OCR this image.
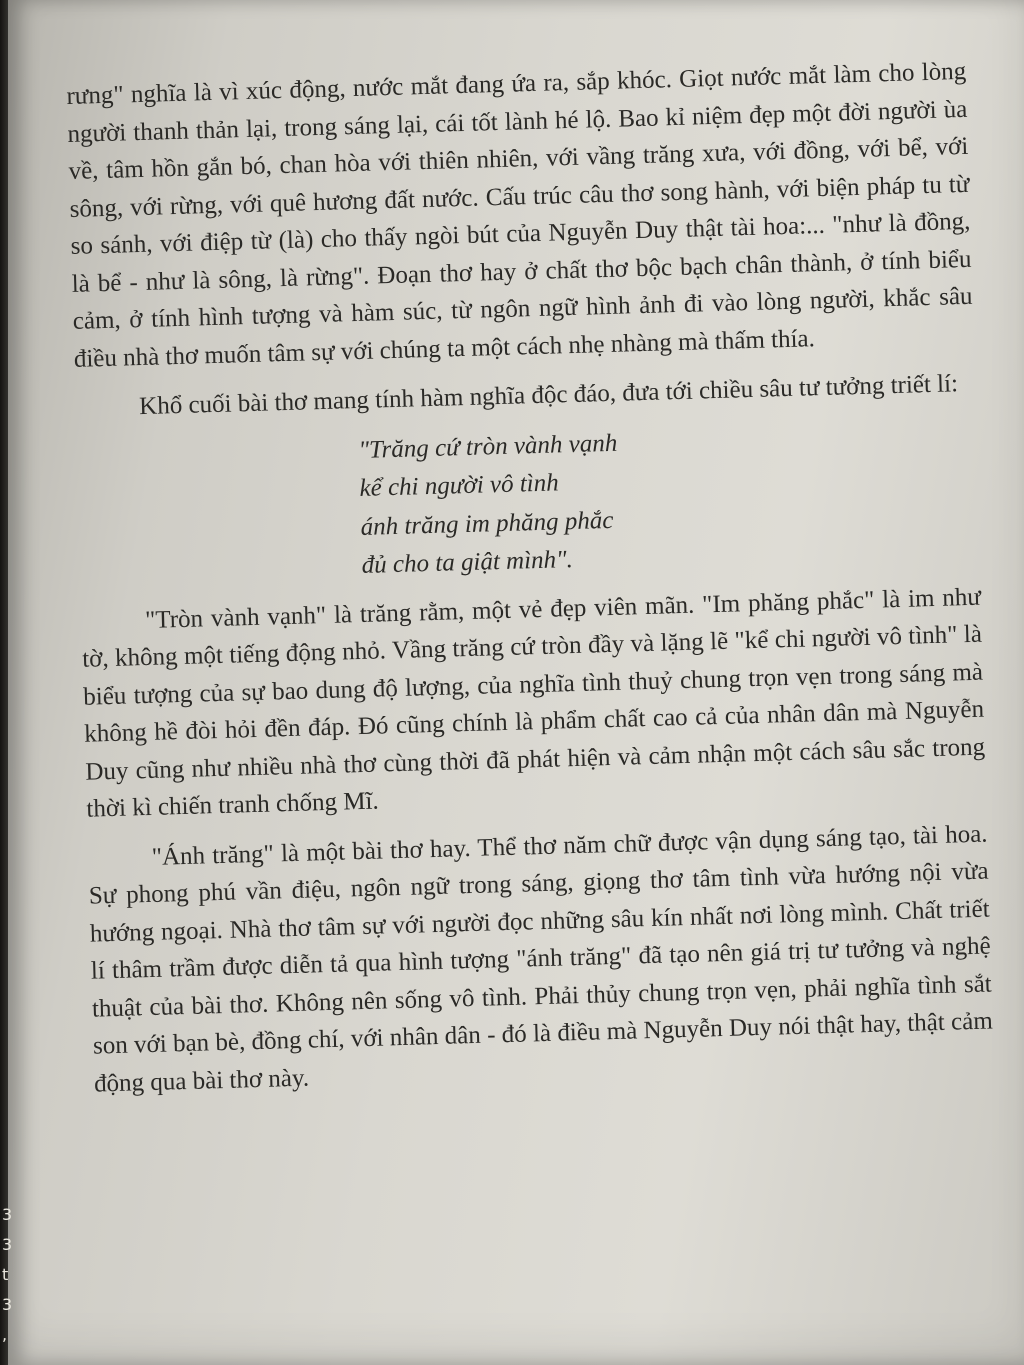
rưng" nghĩa là vì xúc động, nước mắt đang ứa ra, sắp khóc. Giọt nước mắt làm cho lòng người thanh thản lại, trong sáng lại, cái tốt lành hé lộ. Bao kỉ niệm đẹp một đời người ùa về, tâm hồn gắn bó, chan hòa với thiên nhiên, với vầng trăng xưa, với đồng, với bể, với sông, với rừng, với quê hương đất nước. Cấu trúc câu thơ song hành, với biện pháp tu từ so sánh, với điệp từ (là) cho thấy ngòi bút của Nguyễn Duy thật tài hoa:... "như là đồng, là bể - như là sông, là rừng". Đoạn thơ hay ở chất thơ bộc bạch chân thành, ở tính biểu cảm, ở tính hình tượng và hàm súc, từ ngôn ngữ hình ảnh đi vào lòng người, khắc sâu điều nhà thơ muốn tâm sự với chúng ta một cách nhẹ nhàng mà thấm thía.

Khổ cuối bài thơ mang tính hàm nghĩa độc đáo, đưa tới chiều sâu tư tưởng triết lí:

"Trăng cứ tròn vành vạnh
kể chi người vô tình
ánh trăng im phăng phắc
đủ cho ta giật mình".

"Tròn vành vạnh" là trăng rằm, một vẻ đẹp viên mãn. "Im phăng phắc" là im như tờ, không một tiếng động nhỏ. Vầng trăng cứ tròn đầy và lặng lẽ "kể chi người vô tình" là biểu tượng của sự bao dung độ lượng, của nghĩa tình thuỷ chung trọn vẹn trong sáng mà không hề đòi hỏi đền đáp. Đó cũng chính là phẩm chất cao cả của nhân dân mà Nguyễn Duy cũng như nhiều nhà thơ cùng thời đã phát hiện và cảm nhận một cách sâu sắc trong thời kì chiến tranh chống Mĩ.

"Ánh trăng" là một bài thơ hay. Thể thơ năm chữ được vận dụng sáng tạo, tài hoa. Sự phong phú vần điệu, ngôn ngữ trong sáng, giọng thơ tâm tình vừa hướng nội vừa hướng ngoại. Nhà thơ tâm sự với người đọc những sâu kín nhất nơi lòng mình. Chất triết lí thâm trầm được diễn tả qua hình tượng "ánh trăng" đã tạo nên giá trị tư tưởng và nghệ thuật của bài thơ. Không nên sống vô tình. Phải thủy chung trọn vẹn, phải nghĩa tình sắt son với bạn bè, đồng chí, với nhân dân - đó là điều mà Nguyễn Duy nói thật hay, thật cảm động qua bài thơ này.

3
3
t
3
,
